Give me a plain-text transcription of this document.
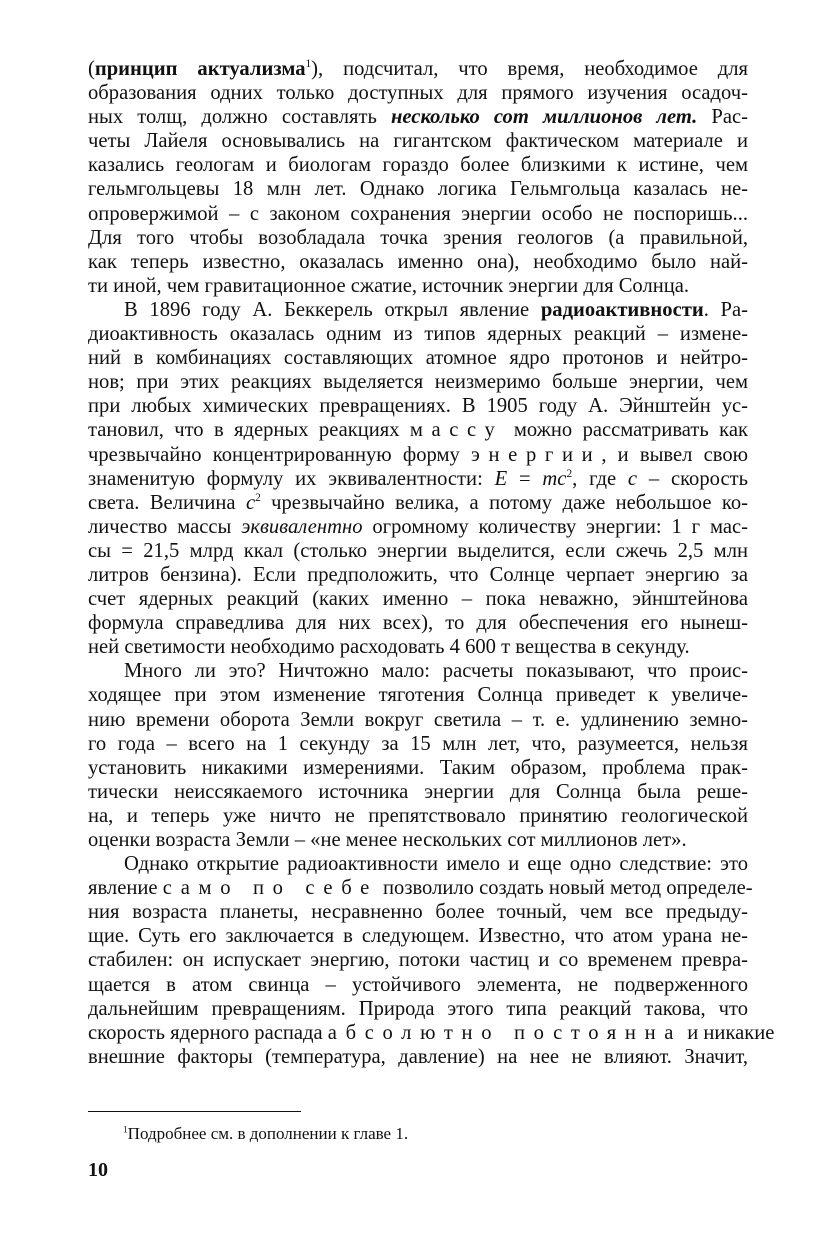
(принцип актуализма$^1$), подсчитал, что время, необходимое для
образования одних только доступных для прямого изучения осадоч-
ных толщ, должно составлять несколько сот миллионов лет. Рас-
четы Лайеля основывались на гигантском фактическом материале и
казались геологам и биологам гораздо более близкими к истине, чем
гельмгольцевы 18 млн лет. Однако логика Гельмгольца казалась не-
опровержимой – с законом сохранения энергии особо не поспоришь...
Для того чтобы возобладала точка зрения геологов (а правильной,
как теперь известно, оказалась именно она), необходимо было най-
ти иной, чем гравитационное сжатие, источник энергии для Солнца.
В 1896 году А. Беккерель открыл явление радиоактивности. Ра-
диоактивность оказалась одним из типов ядерных реакций – измене-
ний в комбинациях составляющих атомное ядро протонов и нейтро-
нов; при этих реакциях выделяется неизмеримо больше энергии, чем
при любых химических превращениях. В 1905 году А. Эйнштейн ус-
тановил, что в ядерных реакциях массу можно рассматривать как
чрезвычайно концентрированную форму энергии, и вывел свою
знаменитую формулу их эквивалентности: $E = mc^2$, где c – скорость
света. Величина $c^2$ чрезвычайно велика, а потому даже небольшое ко-
личество массы эквивалентно огромному количеству энергии: 1 г мас-
сы = 21,5 млрд ккал (столько энергии выделится, если сжечь 2,5 млн
литров бензина). Если предположить, что Солнце черпает энергию за
счет ядерных реакций (каких именно – пока неважно, эйнштейнова
формула справедлива для них всех), то для обеспечения его нынеш-
ней светимости необходимо расходовать 4 600 т вещества в секунду.
Много ли это? Ничтожно мало: расчеты показывают, что проис-
ходящее при этом изменение тяготения Солнца приведет к увеличе-
нию времени оборота Земли вокруг светила – т. е. удлинению земно-
го года – всего на 1 секунду за 15 млн лет, что, разумеется, нельзя
установить никакими измерениями. Таким образом, проблема прак-
тически неиссякаемого источника энергии для Солнца была реше-
на, и теперь уже ничто не препятствовало принятию геологической
оценки возраста Земли – «не менее нескольких сот миллионов лет».
Однако открытие радиоактивности имело и еще одно следствие: это
явление само по себе позволило создать новый метод определе-
ния возраста планеты, несравненно более точный, чем все предыду-
щие. Суть его заключается в следующем. Известно, что атом урана не-
стабилен: он испускает энергию, потоки частиц и со временем превра-
щается в атом свинца – устойчивого элемента, не подверженного
дальнейшим превращениям. Природа этого типа реакций такова, что
скорость ядерного распада абсолютно постоянна и никакие
внешние факторы (температура, давление) на нее не влияют. Значит,
$^1$Подробнее см. в дополнении к главе 1.
10
